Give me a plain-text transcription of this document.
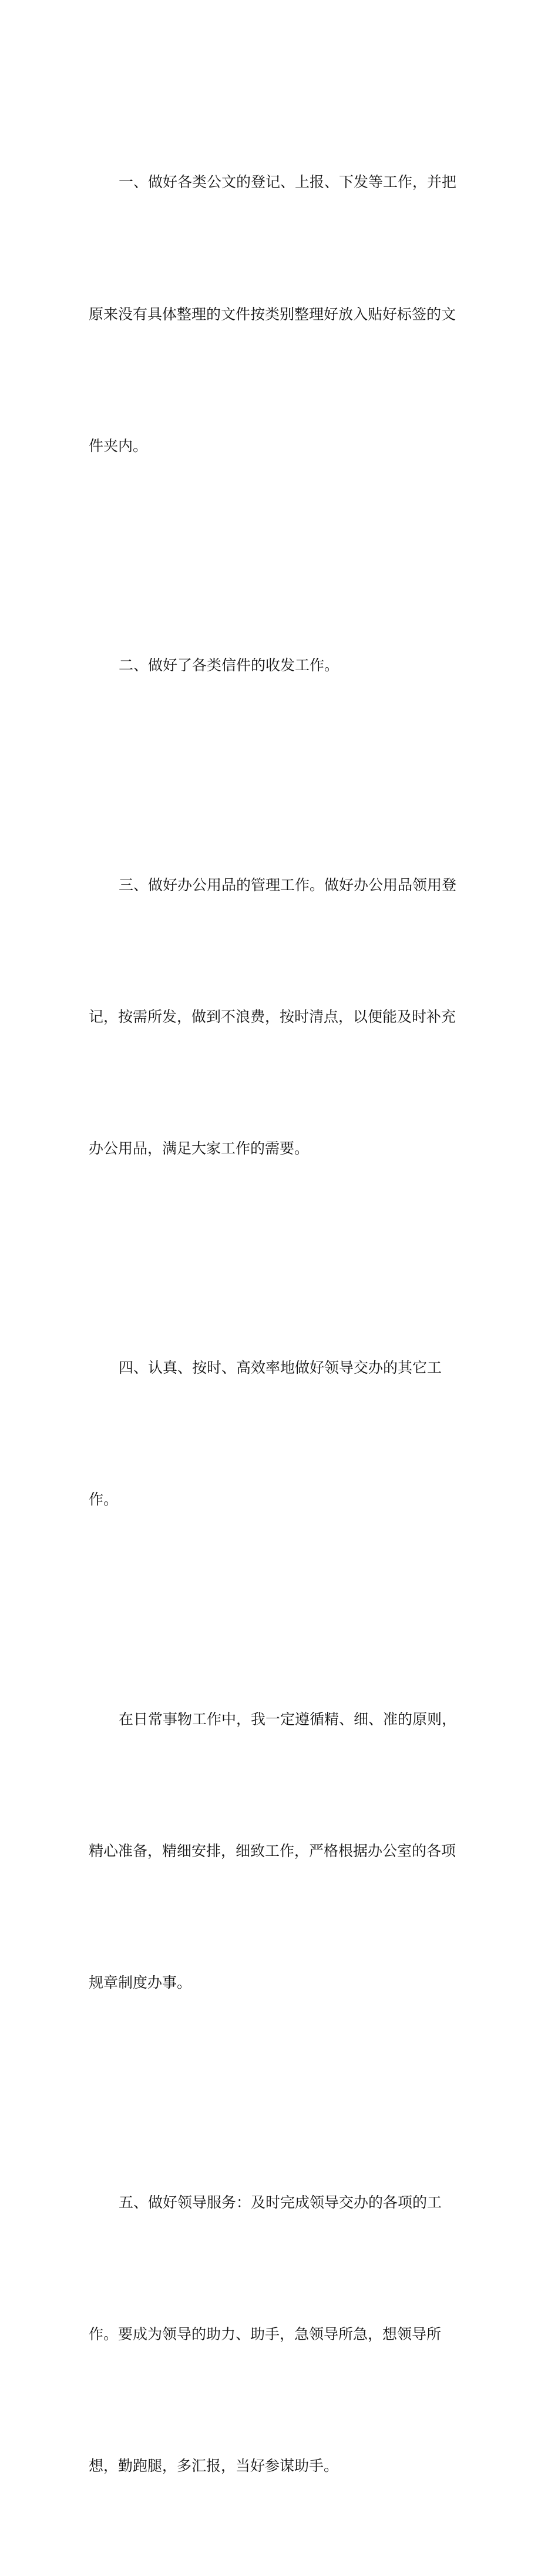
一、做好各类公文的登记、上报、下发等工作，并把

原来没有具体整理的文件按类别整理好放入贴好标签的文

件夹内。

二、做好了各类信件的收发工作。

三、做好办公用品的管理工作。做好办公用品领用登

记，按需所发，做到不浪费，按时清点，以便能及时补充

办公用品，满足大家工作的需要。

四、认真、按时、高效率地做好领导交办的其它工

作。

在日常事物工作中，我一定遵循精、细、准的原则，

精心准备，精细安排，细致工作，严格根据办公室的各项

规章制度办事。

五、做好领导服务：及时完成领导交办的各项的工

作。要成为领导的助力、助手，急领导所急，想领导所

想，勤跑腿，多汇报，当好参谋助手。
